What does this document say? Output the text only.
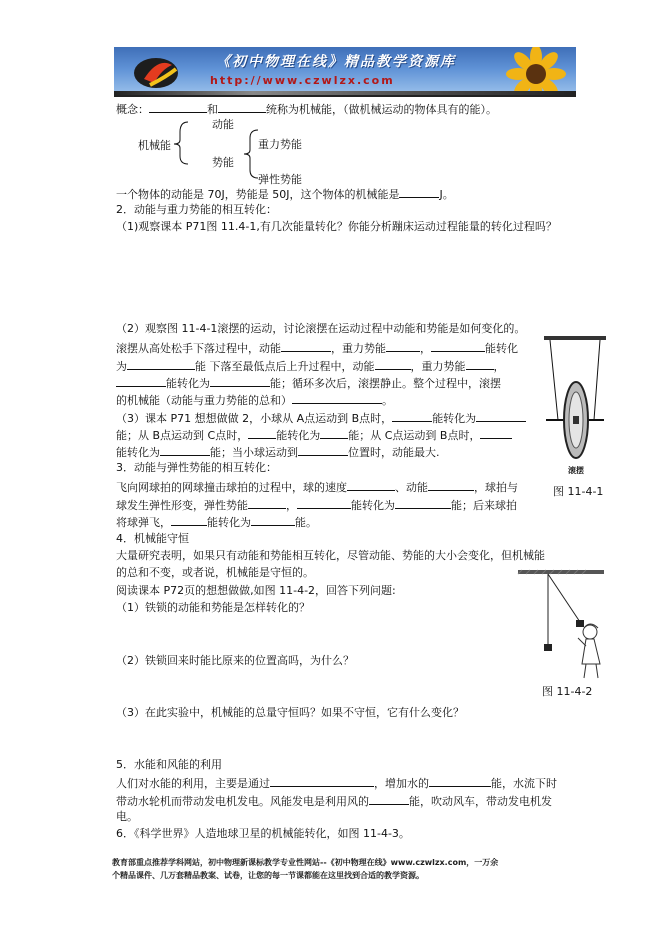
《初中物理在线》精品教学资源库
http://www.czwlzx.com
概念：	和	统称为机械能，（做机械运动的物体具有的能）。
机械能
动能
势能
重力势能
弹性势能
一个物体的动能是 70J，势能是 50J，这个物体的机械能是	J。
2．动能与重力势能的相互转化：
（1)观察课本 P71图 11.4-1,有几次能量转化？你能分析蹦床运动过程能量的转化过程吗？
（2）观察图 11-4-1滚摆的运动，讨论滚摆在运动过程中动能和势能是如何变化的。
滚摆从高处松手下落过程中，动能	，重力势能	，	能转化
为	能 下落至最低点后上升过程中，动能	，重力势能	，
能转化为	能；循环多次后，滚摆静止。整个过程中，滚摆
的机械能（动能与重力势能的总和）	。
（3）课本 P71 想想做做 2，小球从 A点运动到 B点时，	能转化为
能；从 B点运动到 C点时，	能转化为	能；从 C点运动到 B点时，
能转化为	能；当小球运动到	位置时，动能最大.
滚摆
图 11-4-1
3．动能与弹性势能的相互转化：
飞向网球拍的网球撞击球拍的过程中，球的速度	、动能	，球拍与
球发生弹性形变，弹性势能	，	能转化为	能；后来球拍
将球弹飞，	能转化为	能。
4．机械能守恒
大量研究表明，如果只有动能和势能相互转化，尽管动能、势能的大小会变化，但机械能
的总和不变，或者说，机械能是守恒的。
阅读课本 P72页的想想做做,如图 11-4-2，回答下列问题:
（1）铁锁的动能和势能是怎样转化的？
（2）铁锁回来时能比原来的位置高吗，为什么？
（3）在此实验中，机械能的总量守恒吗？如果不守恒，它有什么变化？
图 11-4-2
5．水能和风能的利用
人们对水能的利用，主要是通过	，增加水的	能，水流下时
带动水轮机而带动发电机发电。风能发电是利用风的	能，吹动风车，带动发电机发
电。
6．《科学世界》人造地球卫星的机械能转化，如图 11-4-3。
教育部重点推荐学科网站，初中物理新课标教学专业性网站--《初中物理在线》www.czwlzx.com，一万余
个精品课件、几万套精品教案、试卷，让您的每一节课都能在这里找到合适的教学资源。
